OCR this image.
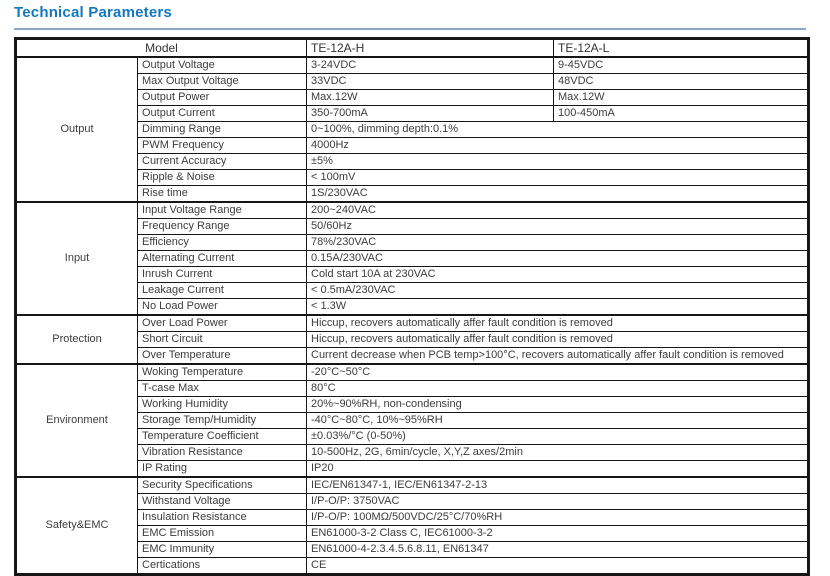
Technical Parameters
Model		TE-12A-H	TE-12A-L
Output	Output Voltage	3-24VDC	9-45VDC
	Max Output Voltage	33VDC	48VDC
	Output Power	Max.12W	Max.12W
	Output Current	350-700mA	100-450mA
	Dimming Range	0~100%, dimming depth:0.1%	
	PWM Frequency	4000Hz	
	Current Accuracy	±5%	
	Ripple & Noise	< 100mV	
	Rise time	1S/230VAC	
Input	Input Voltage Range	200~240VAC	
	Frequency Range	50/60Hz	
	Efficiency	78%/230VAC	
	Alternating Current	0.15A/230VAC	
	Inrush Current	Cold start 10A at 230VAC	
	Leakage Current	< 0.5mA/230VAC	
	No Load Power	< 1.3W	
Protection	Over Load Power	Hiccup, recovers automatically affer fault condition is removed	
	Short Circuit	Hiccup, recovers automatically affer fault condition is removed	
	Over Temperature	Current decrease when PCB temp>100°C, recovers automatically affer fault condition is removed	
Environment	Woking Temperature	-20°C~50°C	
	T-case Max	80°C	
	Working Humidity	20%~90%RH, non-condensing	
	Storage Temp/Humidity	-40°C~80°C, 10%~95%RH	
	Temperature Coefficient	±0.03%/°C (0-50%)	
	Vibration Resistance	10-500Hz, 2G, 6min/cycle, X,Y,Z axes/2min	
	IP Rating	IP20	
Safety&EMC	Security Specifications	IEC/EN61347-1, IEC/EN61347-2-13	
	Withstand Voltage	I/P-O/P: 3750VAC	
	Insulation Resistance	I/P-O/P: 100MΩ/500VDC/25°C/70%RH	
	EMC Emission	EN61000-3-2 Class C, IEC61000-3-2	
	EMC Immunity	EN61000-4-2.3.4.5.6.8.11, EN61347	
	Certications	CE	
